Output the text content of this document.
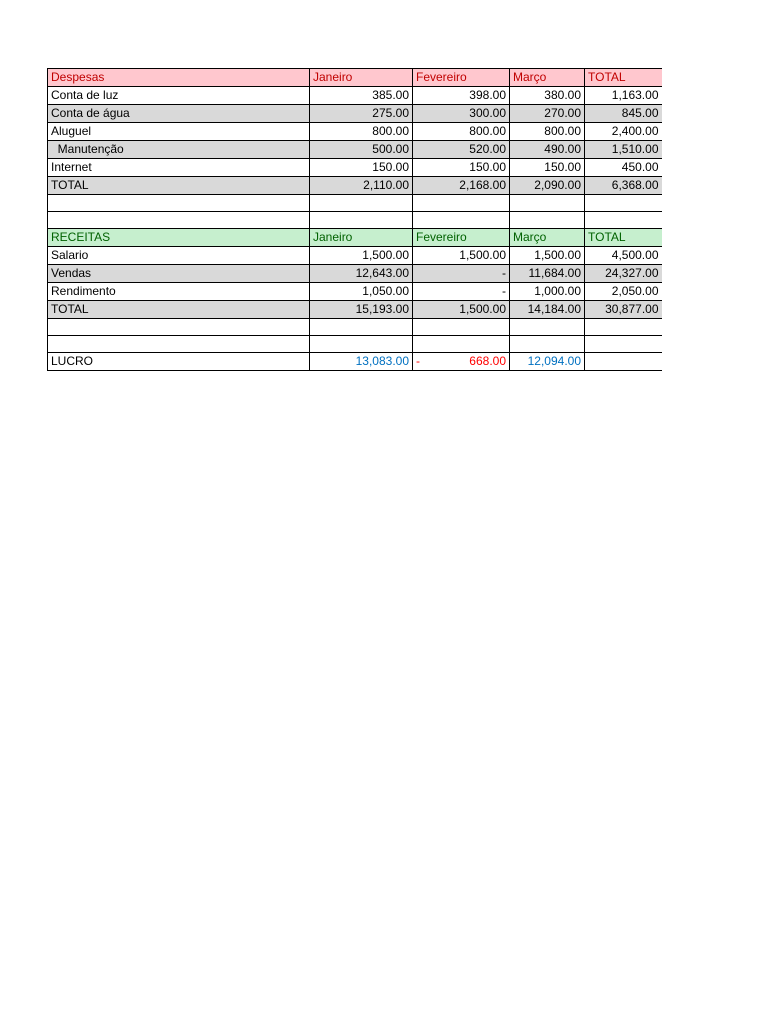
Despesas	Janeiro	Fevereiro	Março	TOTAL
Conta de luz	385.00	398.00	380.00	1,163.00
Conta de água	275.00	300.00	270.00	845.00
Aluguel	800.00	800.00	800.00	2,400.00
Manutenção	500.00	520.00	490.00	1,510.00
Internet	150.00	150.00	150.00	450.00
TOTAL	2,110.00	2,168.00	2,090.00	6,368.00

RECEITAS	Janeiro	Fevereiro	Março	TOTAL
Salario	1,500.00	1,500.00	1,500.00	4,500.00
Vendas	12,643.00	-	11,684.00	24,327.00
Rendimento	1,050.00	-	1,000.00	2,050.00
TOTAL	15,193.00	1,500.00	14,184.00	30,877.00

LUCRO	13,083.00	- 668.00	12,094.00	
